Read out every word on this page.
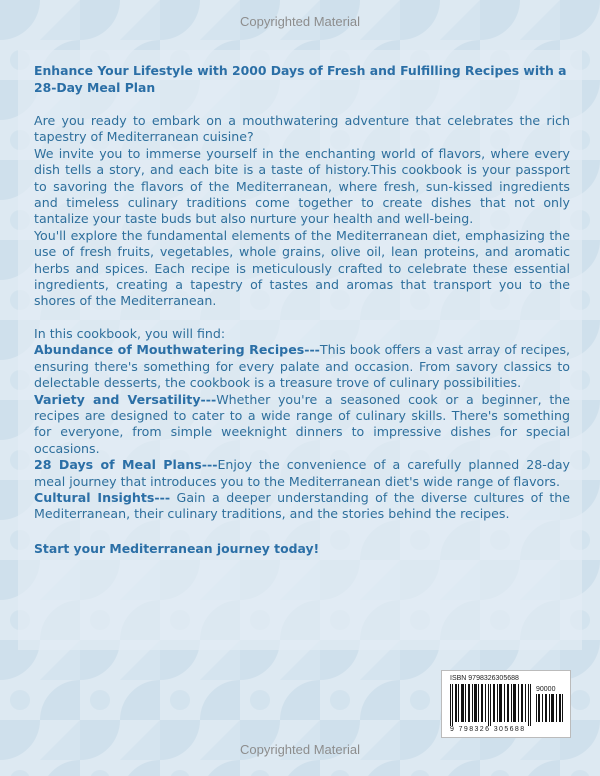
Copyrighted Material

Enhance Your Lifestyle with 2000 Days of Fresh and Fulfilling Recipes with a 28-Day Meal Plan

Are you ready to embark on a mouthwatering adventure that celebrates the rich tapestry of Mediterranean cuisine?

We invite you to immerse yourself in the enchanting world of flavors, where every dish tells a story, and each bite is a taste of history.This cookbook is your passport to savoring the flavors of the Mediterranean, where fresh, sun-kissed ingredients and timeless culinary traditions come together to create dishes that not only tantalize your taste buds but also nurture your health and well-being.

You'll explore the fundamental elements of the Mediterranean diet, emphasizing the use of fresh fruits, vegetables, whole grains, olive oil, lean proteins, and aromatic herbs and spices. Each recipe is meticulously crafted to celebrate these essential ingredients, creating a tapestry of tastes and aromas that transport you to the shores of the Mediterranean.

In this cookbook, you will find:

Abundance of Mouthwatering Recipes---This book offers a vast array of recipes, ensuring there's something for every palate and occasion. From savory classics to delectable desserts, the cookbook is a treasure trove of culinary possibilities.

Variety and Versatility---Whether you're a seasoned cook or a beginner, the recipes are designed to cater to a wide range of culinary skills. There's something for everyone, from simple weeknight dinners to impressive dishes for special occasions.

28 Days of Meal Plans---Enjoy the convenience of a carefully planned 28-day meal journey that introduces you to the Mediterranean diet's wide range of flavors.

Cultural Insights--- Gain a deeper understanding of the diverse cultures of the Mediterranean, their culinary traditions, and the stories behind the recipes.

Start your Mediterranean journey today!

ISBN 9798326305688
90000
9 798326 305688
Copyrighted Material
